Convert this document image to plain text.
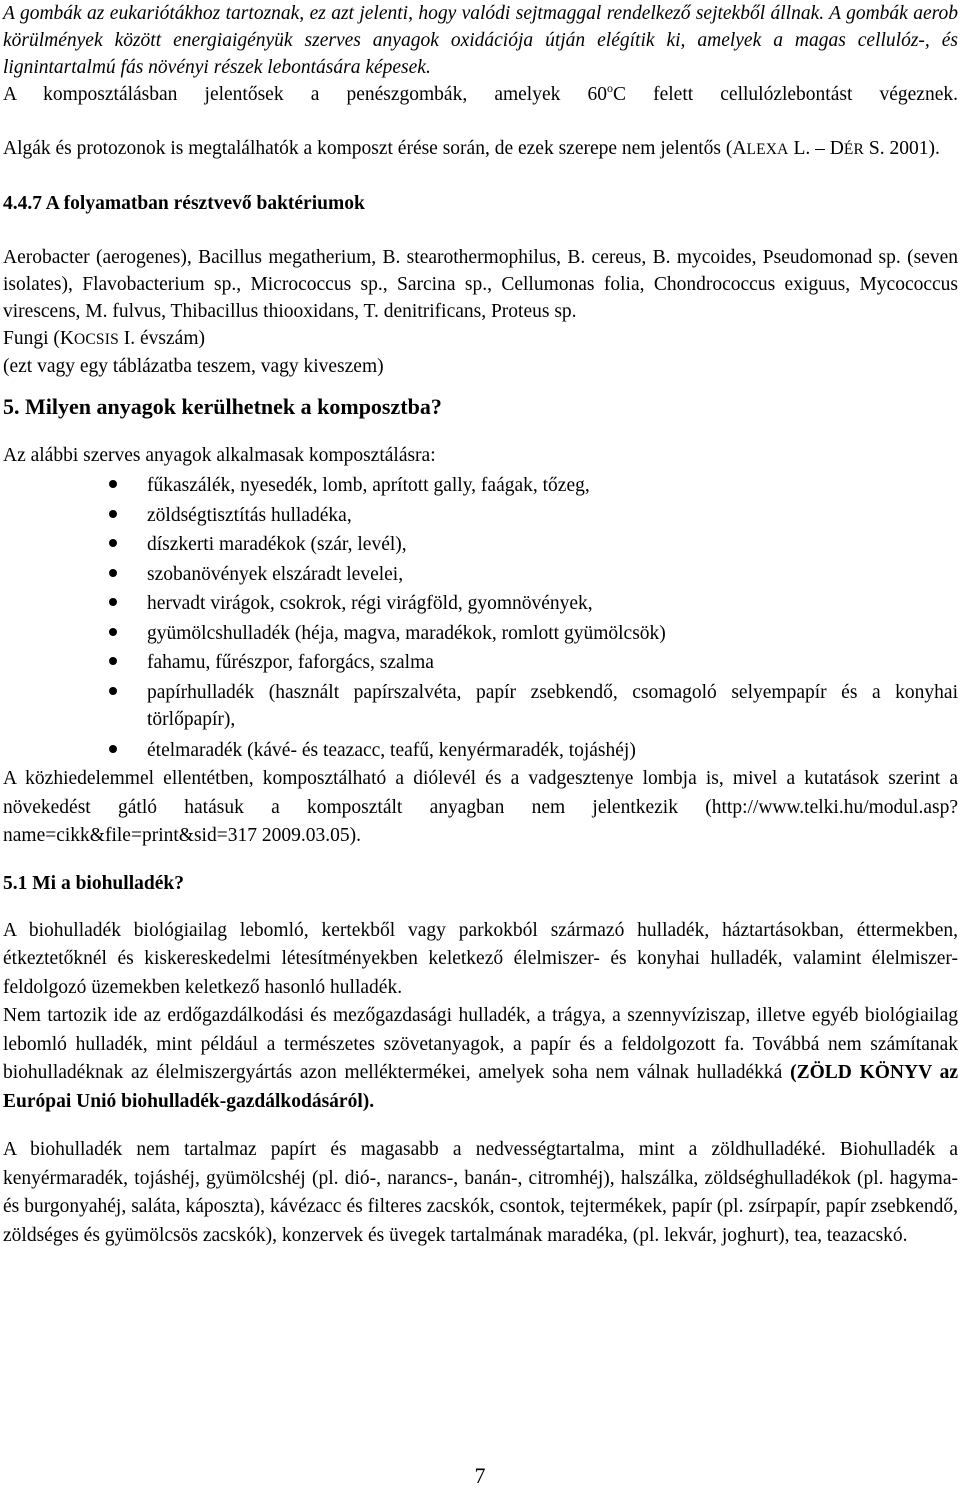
A gombák az eukariótákhoz tartoznak, ez azt jelenti, hogy valódi sejtmaggal rendelkező sejtekből állnak. A gombák aerob körülmények között energiaigényük szerves anyagok oxidációja útján elégítik ki, amelyek a magas cellulóz-, és lignintartalmú fás növényi részek lebontására képesek.

A komposztálásban jelentősek a penészgombák, amelyek 60$^o$C felett cellulózlebontást végeznek.

Algák és protozonok is megtalálhatók a komposzt érése során, de ezek szerepe nem jelentős (ALEXA L. – DÉR S. 2001).

4.4.7 A folyamatban résztvevő baktériumok

Aerobacter (aerogenes), Bacillus megatherium, B. stearothermophilus, B. cereus, B. mycoides, Pseudomonad sp. (seven isolates), Flavobacterium sp., Micrococcus sp., Sarcina sp., Cellumonas folia, Chondrococcus exiguus, Mycococcus virescens, M. fulvus, Thibacillus thiooxidans, T. denitrificans, Proteus sp.

Fungi (KOCSIS I. évszám)

(ezt vagy egy táblázatba teszem, vagy kiveszem)

5. Milyen anyagok kerülhetnek a komposztba?

Az alábbi szerves anyagok alkalmasak komposztálásra:

fűkaszálék, nyesedék, lomb, aprított gally, faágak, tőzeg,
zöldségtisztítás hulladéka,
díszkerti maradékok (szár, levél),
szobanövények elszáradt levelei,
hervadt virágok, csokrok, régi virágföld, gyomnövények,
gyümölcshulladék (héja, magva, maradékok, romlott gyümölcsök)
fahamu, fűrészpor, faforgács, szalma
papírhulladék (használt papírszalvéta, papír zsebkendő, csomagoló selyempapír és a konyhai törlőpapír),
ételmaradék (kávé- és teazacc, teafű, kenyérmaradék, tojáshéj)

A közhiedelemmel ellentétben, komposztálható a diólevél és a vadgesztenye lombja is, mivel a kutatások szerint a növekedést gátló hatásuk a komposztált anyagban nem jelentkezik (http://www.telki.hu/modul.asp?name=cikk&file=print&sid=317 2009.03.05).

5.1 Mi a biohulladék?

A biohulladék biológiailag lebomló, kertekből vagy parkokból származó hulladék, háztartásokban, éttermekben, étkeztetőknél és kiskereskedelmi létesítményekben keletkező élelmiszer- és konyhai hulladék, valamint élelmiszer-feldolgozó üzemekben keletkező hasonló hulladék.

Nem tartozik ide az erdőgazdálkodási és mezőgazdasági hulladék, a trágya, a szennyvíziszap, illetve egyéb biológiailag lebomló hulladék, mint például a természetes szövetanyagok, a papír és a feldolgozott fa. Továbbá nem számítanak biohulladéknak az élelmiszergyártás azon melléktermékei, amelyek soha nem válnak hulladékká (ZÖLD KÖNYV az Európai Unió biohulladék-gazdálkodásáról).

A biohulladék nem tartalmaz papírt és magasabb a nedvességtartalma, mint a zöldhulladéké. Biohulladék a kenyérmaradék, tojáshéj, gyümölcshéj (pl. dió-, narancs-, banán-, citromhéj), halszálka, zöldséghulladékok (pl. hagyma- és burgonyahéj, saláta, káposzta), kávézacc és filteres zacskók, csontok, tejtermékek, papír (pl. zsírpapír, papír zsebkendő, zöldséges és gyümölcsös zacskók), konzervek és üvegek tartalmának maradéka, (pl. lekvár, joghurt), tea, teazacskó.

7
